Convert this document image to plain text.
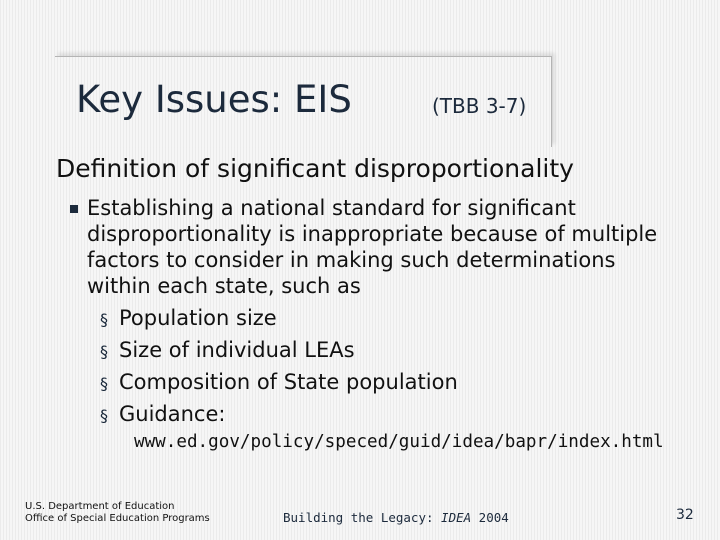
Key Issues: EIS	(TBB 3-7)
Definition of significant disproportionality
Establishing a national standard for significant disproportionality is inappropriate because of multiple factors to consider in making such determinations within each state, such as
§ Population size
§ Size of individual LEAs
§ Composition of State population
§ Guidance:
www.ed.gov/policy/speced/guid/idea/bapr/index.html
U.S. Department of Education
Office of Special Education Programs	Building the Legacy: IDEA 2004	32
